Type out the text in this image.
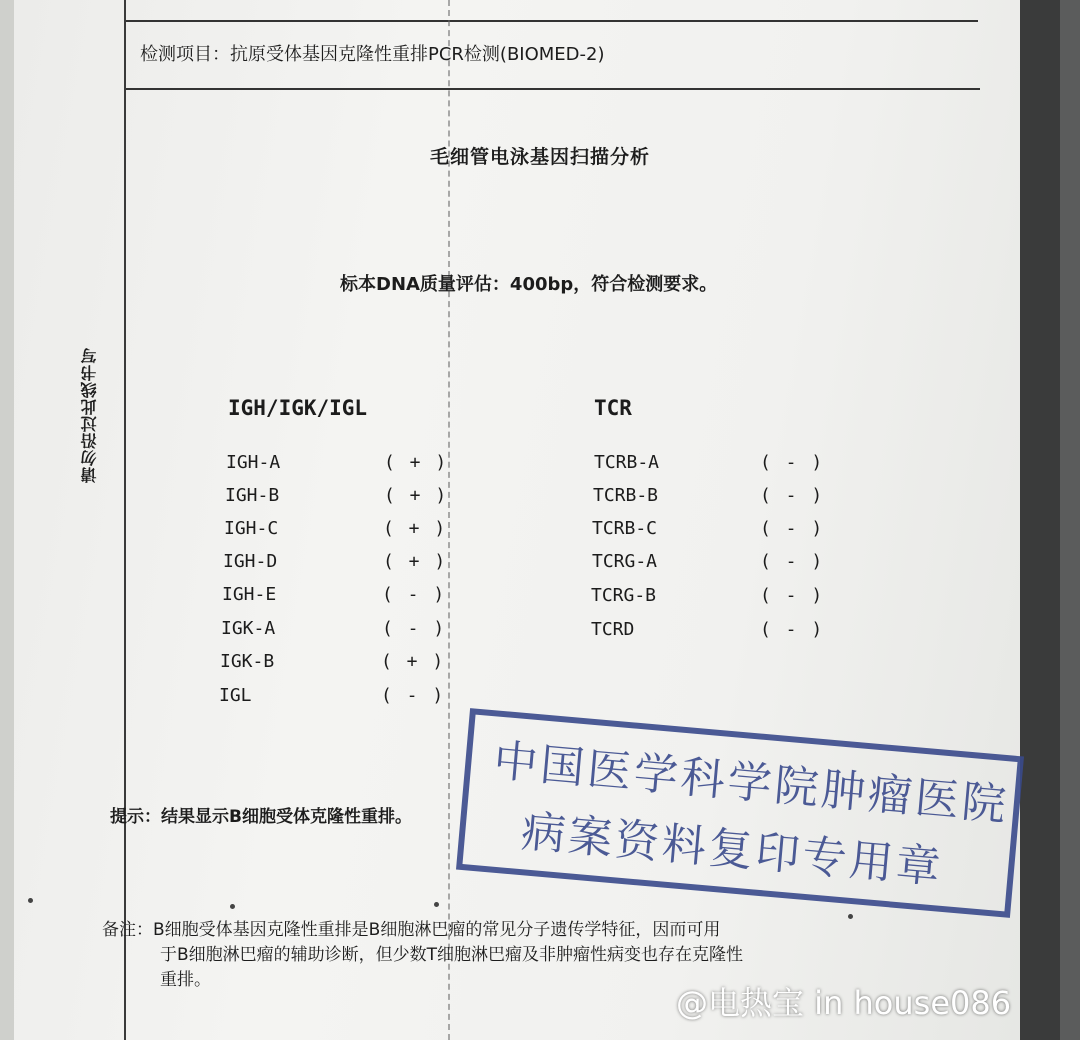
请勿沿过此线书写
检测项目：抗原受体基因克隆性重排PCR检测(BIOMED-2)
毛细管电泳基因扫描分析
标本DNA质量评估：400bp，符合检测要求。
IGH/IGK/IGL	TCR
IGH-A	( + )
IGH-B	( + )
IGH-C	( + )
IGH-D	( + )
IGH-E	( - )
IGK-A	( - )
IGK-B	( + )
IGL	( - )
TCRB-A	( - )
TCRB-B	( - )
TCRB-C	( - )
TCRG-A	( - )
TCRG-B	( - )
TCRD	( - )
提示：结果显示B细胞受体克隆性重排。
备注：B细胞受体基因克隆性重排是B细胞淋巴瘤的常见分子遗传学特征，因而可用
于B细胞淋巴瘤的辅助诊断，但少数T细胞淋巴瘤及非肿瘤性病变也存在克隆性
重排。
中国医学科学院肿瘤医院
病案资料复印专用章
@电热宝 in house086
